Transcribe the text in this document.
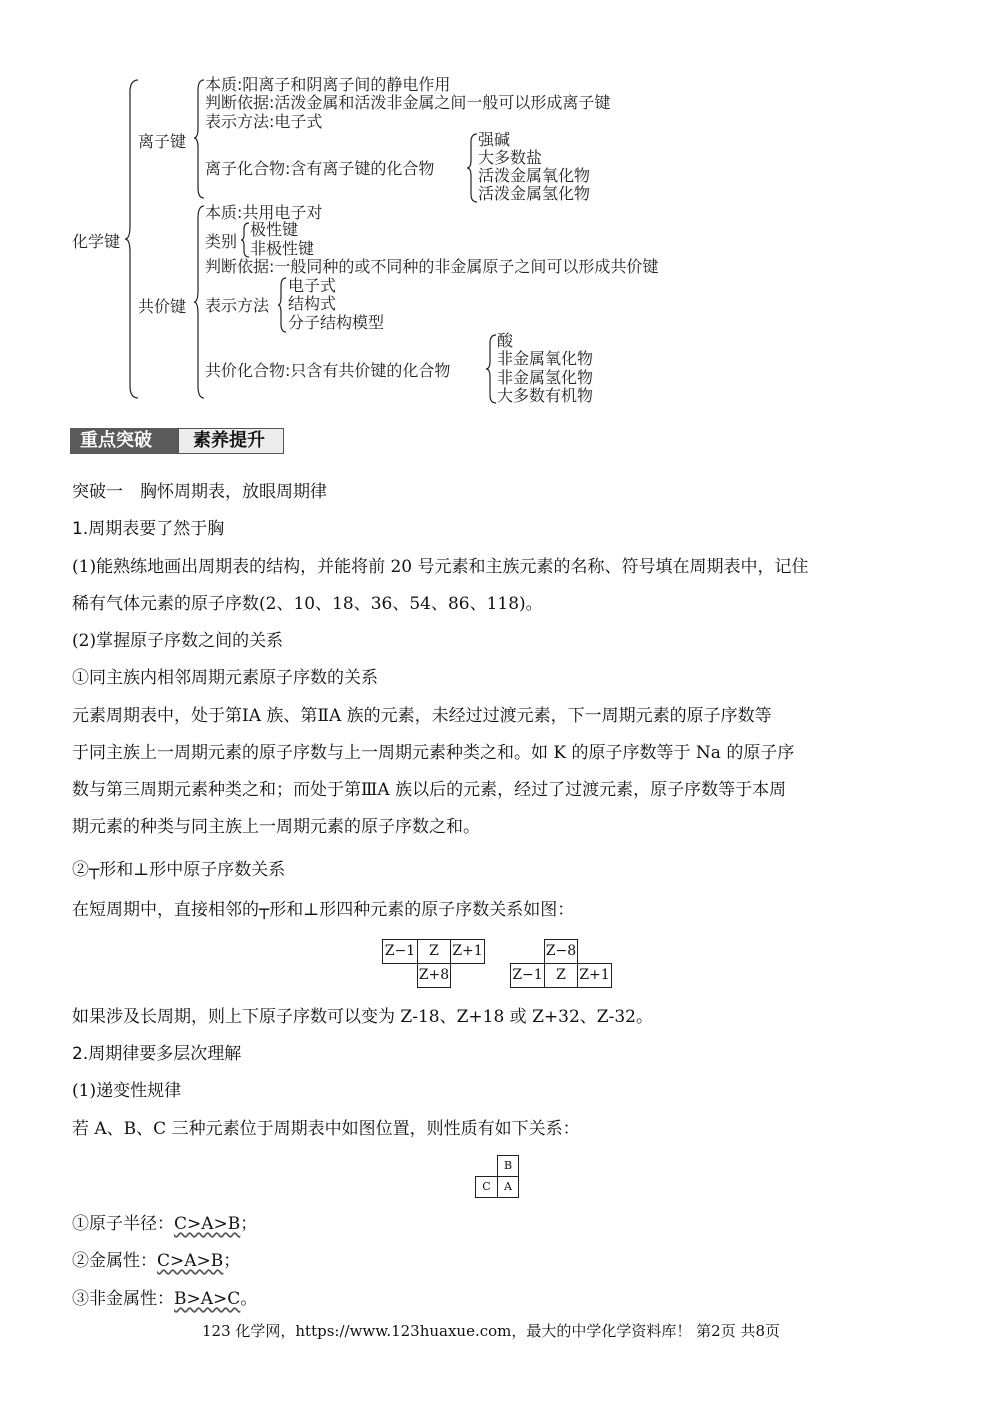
化学键
离子键
本质:阳离子和阴离子间的静电作用
判断依据:活泼金属和活泼非金属之间一般可以形成离子键
表示方法:电子式
离子化合物:含有离子键的化合物
强碱
大多数盐
活泼金属氧化物
活泼金属氢化物
共价键
本质:共用电子对
类别
极性键
非极性键
判断依据:一般同种的或不同种的非金属原子之间可以形成共价键
表示方法
电子式
结构式
分子结构模型
共价化合物:只含有共价键的化合物
酸
非金属氧化物
非金属氢化物
大多数有机物
重点突破 素养提升
突破一　胸怀周期表，放眼周期律
1.周期表要了然于胸
(1)能熟练地画出周期表的结构，并能将前 20 号元素和主族元素的名称、符号填在周期表中，记住
稀有气体元素的原子序数(2、10、18、36、54、86、118)。
(2)掌握原子序数之间的关系
①同主族内相邻周期元素原子序数的关系
元素周期表中，处于第ⅠA 族、第ⅡA 族的元素，未经过过渡元素，下一周期元素的原子序数等
于同主族上一周期元素的原子序数与上一周期元素种类之和。如 K 的原子序数等于 Na 的原子序
数与第三周期元素种类之和；而处于第ⅢA 族以后的元素，经过了过渡元素，原子序数等于本周
期元素的种类与同主族上一周期元素的原子序数之和。
②┬形和⊥形中原子序数关系
在短周期中，直接相邻的┬形和⊥形四种元素的原子序数关系如图：
Z−1 Z Z+1
Z+8
Z−8
Z−1 Z Z+1
如果涉及长周期，则上下原子序数可以变为 Z-18、Z+18 或 Z+32、Z-32。
2.周期律要多层次理解
(1)递变性规律
若 A、B、C 三种元素位于周期表中如图位置，则性质有如下关系：
B
C	A
①原子半径：C>A>B；
②金属性：C>A>B；
③非金属性：B>A>C。
123 化学网，https://www.123huaxue.com，最大的中学化学资料库！ 第2页 共8页
